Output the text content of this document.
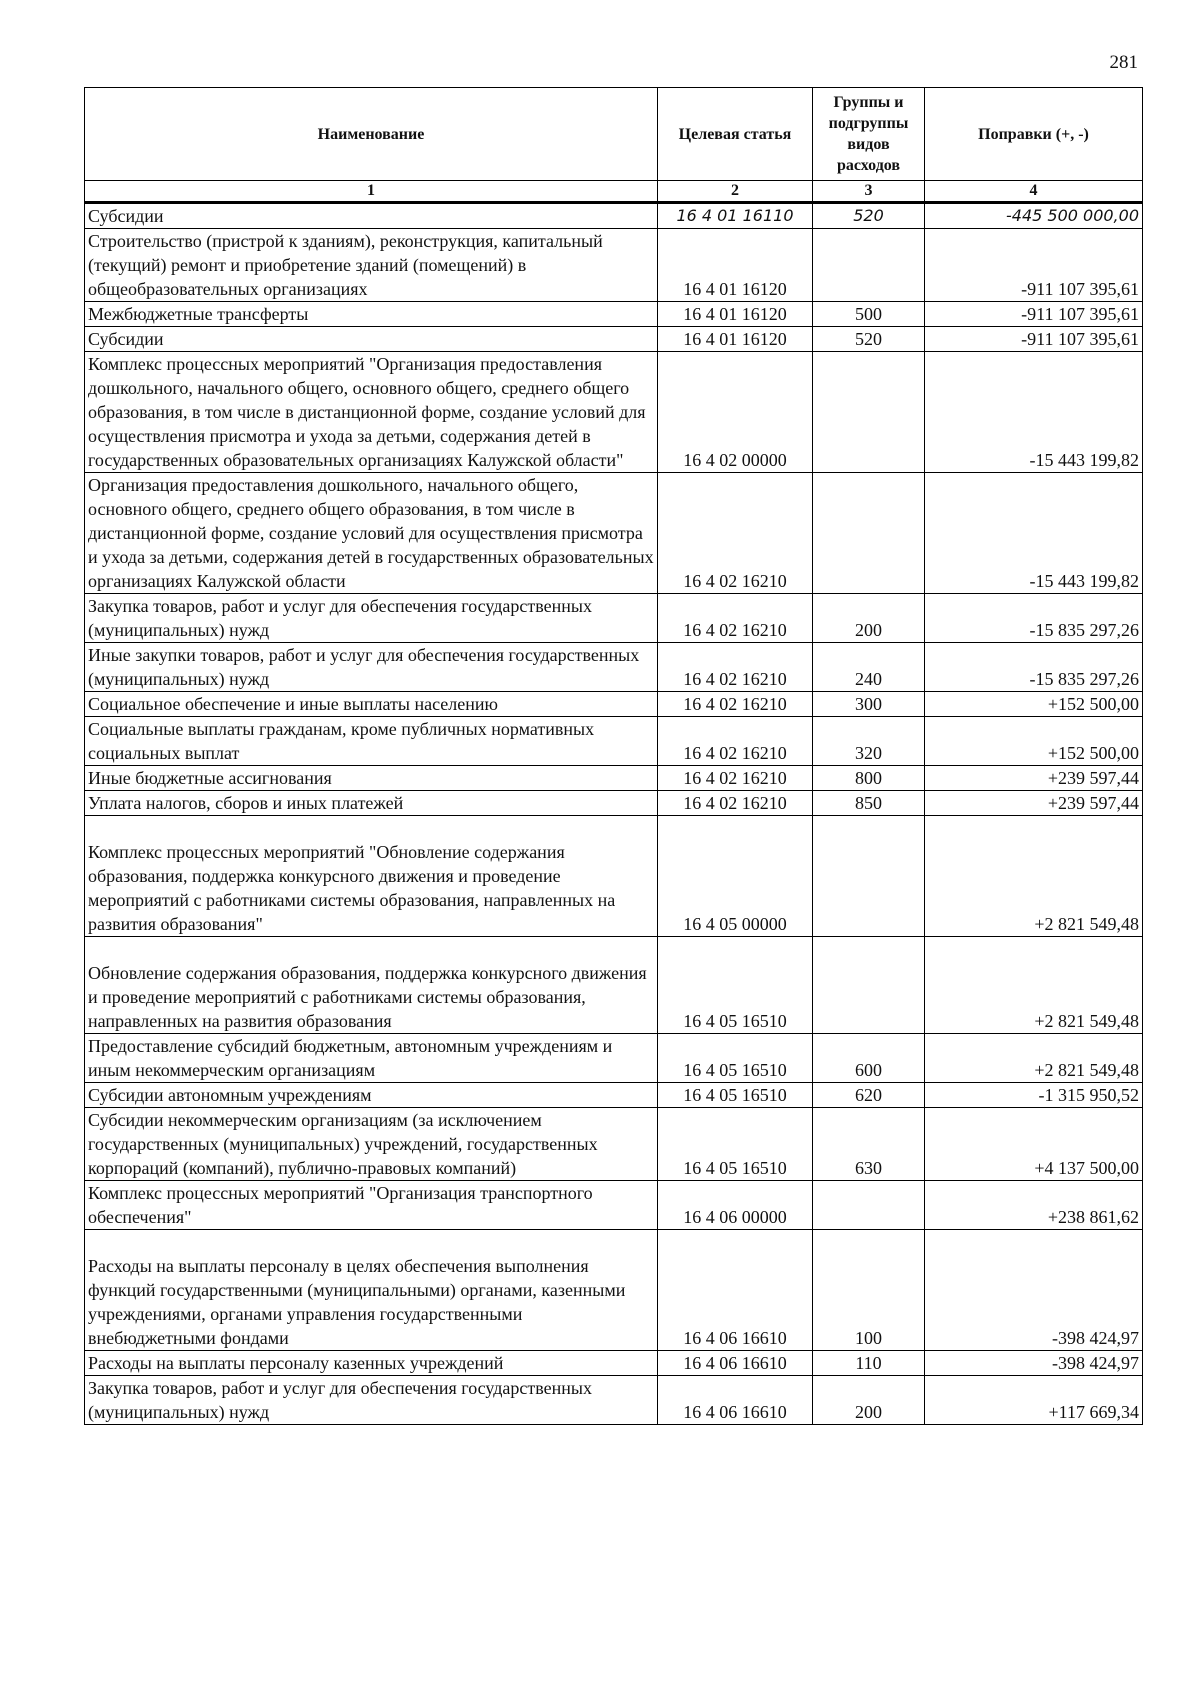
281
Наименование	Целевая статья	Группы и подгруппы видов расходов	Поправки (+, -)
1	2	3	4
Субсидии	16 4 01 16110	520	-445 500 000,00
Строительство (пристрой к зданиям), реконструкция, капитальный (текущий) ремонт и приобретение зданий (помещений) в общеобразовательных организациях	16 4 01 16120		-911 107 395,61
Межбюджетные трансферты	16 4 01 16120	500	-911 107 395,61
Субсидии	16 4 01 16120	520	-911 107 395,61
Комплекс процессных мероприятий "Организация предоставления дошкольного, начального общего, основного общего, среднего общего образования, в том числе в дистанционной форме, создание условий для осуществления присмотра и ухода за детьми, содержания детей в государственных образовательных организациях Калужской области"	16 4 02 00000		-15 443 199,82
Организация предоставления дошкольного, начального общего, основного общего, среднего общего образования, в том числе в дистанционной форме, создание условий для осуществления присмотра и ухода за детьми, содержания детей в государственных образовательных организациях Калужской области	16 4 02 16210		-15 443 199,82
Закупка товаров, работ и услуг для обеспечения государственных (муниципальных) нужд	16 4 02 16210	200	-15 835 297,26
Иные закупки товаров, работ и услуг для обеспечения государственных (муниципальных) нужд	16 4 02 16210	240	-15 835 297,26
Социальное обеспечение и иные выплаты населению	16 4 02 16210	300	+152 500,00
Социальные выплаты гражданам, кроме публичных нормативных социальных выплат	16 4 02 16210	320	+152 500,00
Иные бюджетные ассигнования	16 4 02 16210	800	+239 597,44
Уплата налогов, сборов и иных платежей	16 4 02 16210	850	+239 597,44
Комплекс процессных мероприятий "Обновление содержания образования, поддержка конкурсного движения и проведение мероприятий с работниками системы образования, направленных на развития образования"	16 4 05 00000		+2 821 549,48
Обновление содержания образования, поддержка конкурсного движения и проведение мероприятий с работниками системы образования, направленных на развития образования	16 4 05 16510		+2 821 549,48
Предоставление субсидий бюджетным, автономным учреждениям и иным некоммерческим организациям	16 4 05 16510	600	+2 821 549,48
Субсидии автономным учреждениям	16 4 05 16510	620	-1 315 950,52
Субсидии некоммерческим организациям (за исключением государственных (муниципальных) учреждений, государственных корпораций (компаний), публично-правовых компаний)	16 4 05 16510	630	+4 137 500,00
Комплекс процессных мероприятий "Организация транспортного обеспечения"	16 4 06 00000		+238 861,62
Расходы на выплаты персоналу в целях обеспечения выполнения функций государственными (муниципальными) органами, казенными учреждениями, органами управления государственными внебюджетными фондами	16 4 06 16610	100	-398 424,97
Расходы на выплаты персоналу казенных учреждений	16 4 06 16610	110	-398 424,97
Закупка товаров, работ и услуг для обеспечения государственных (муниципальных) нужд	16 4 06 16610	200	+117 669,34
